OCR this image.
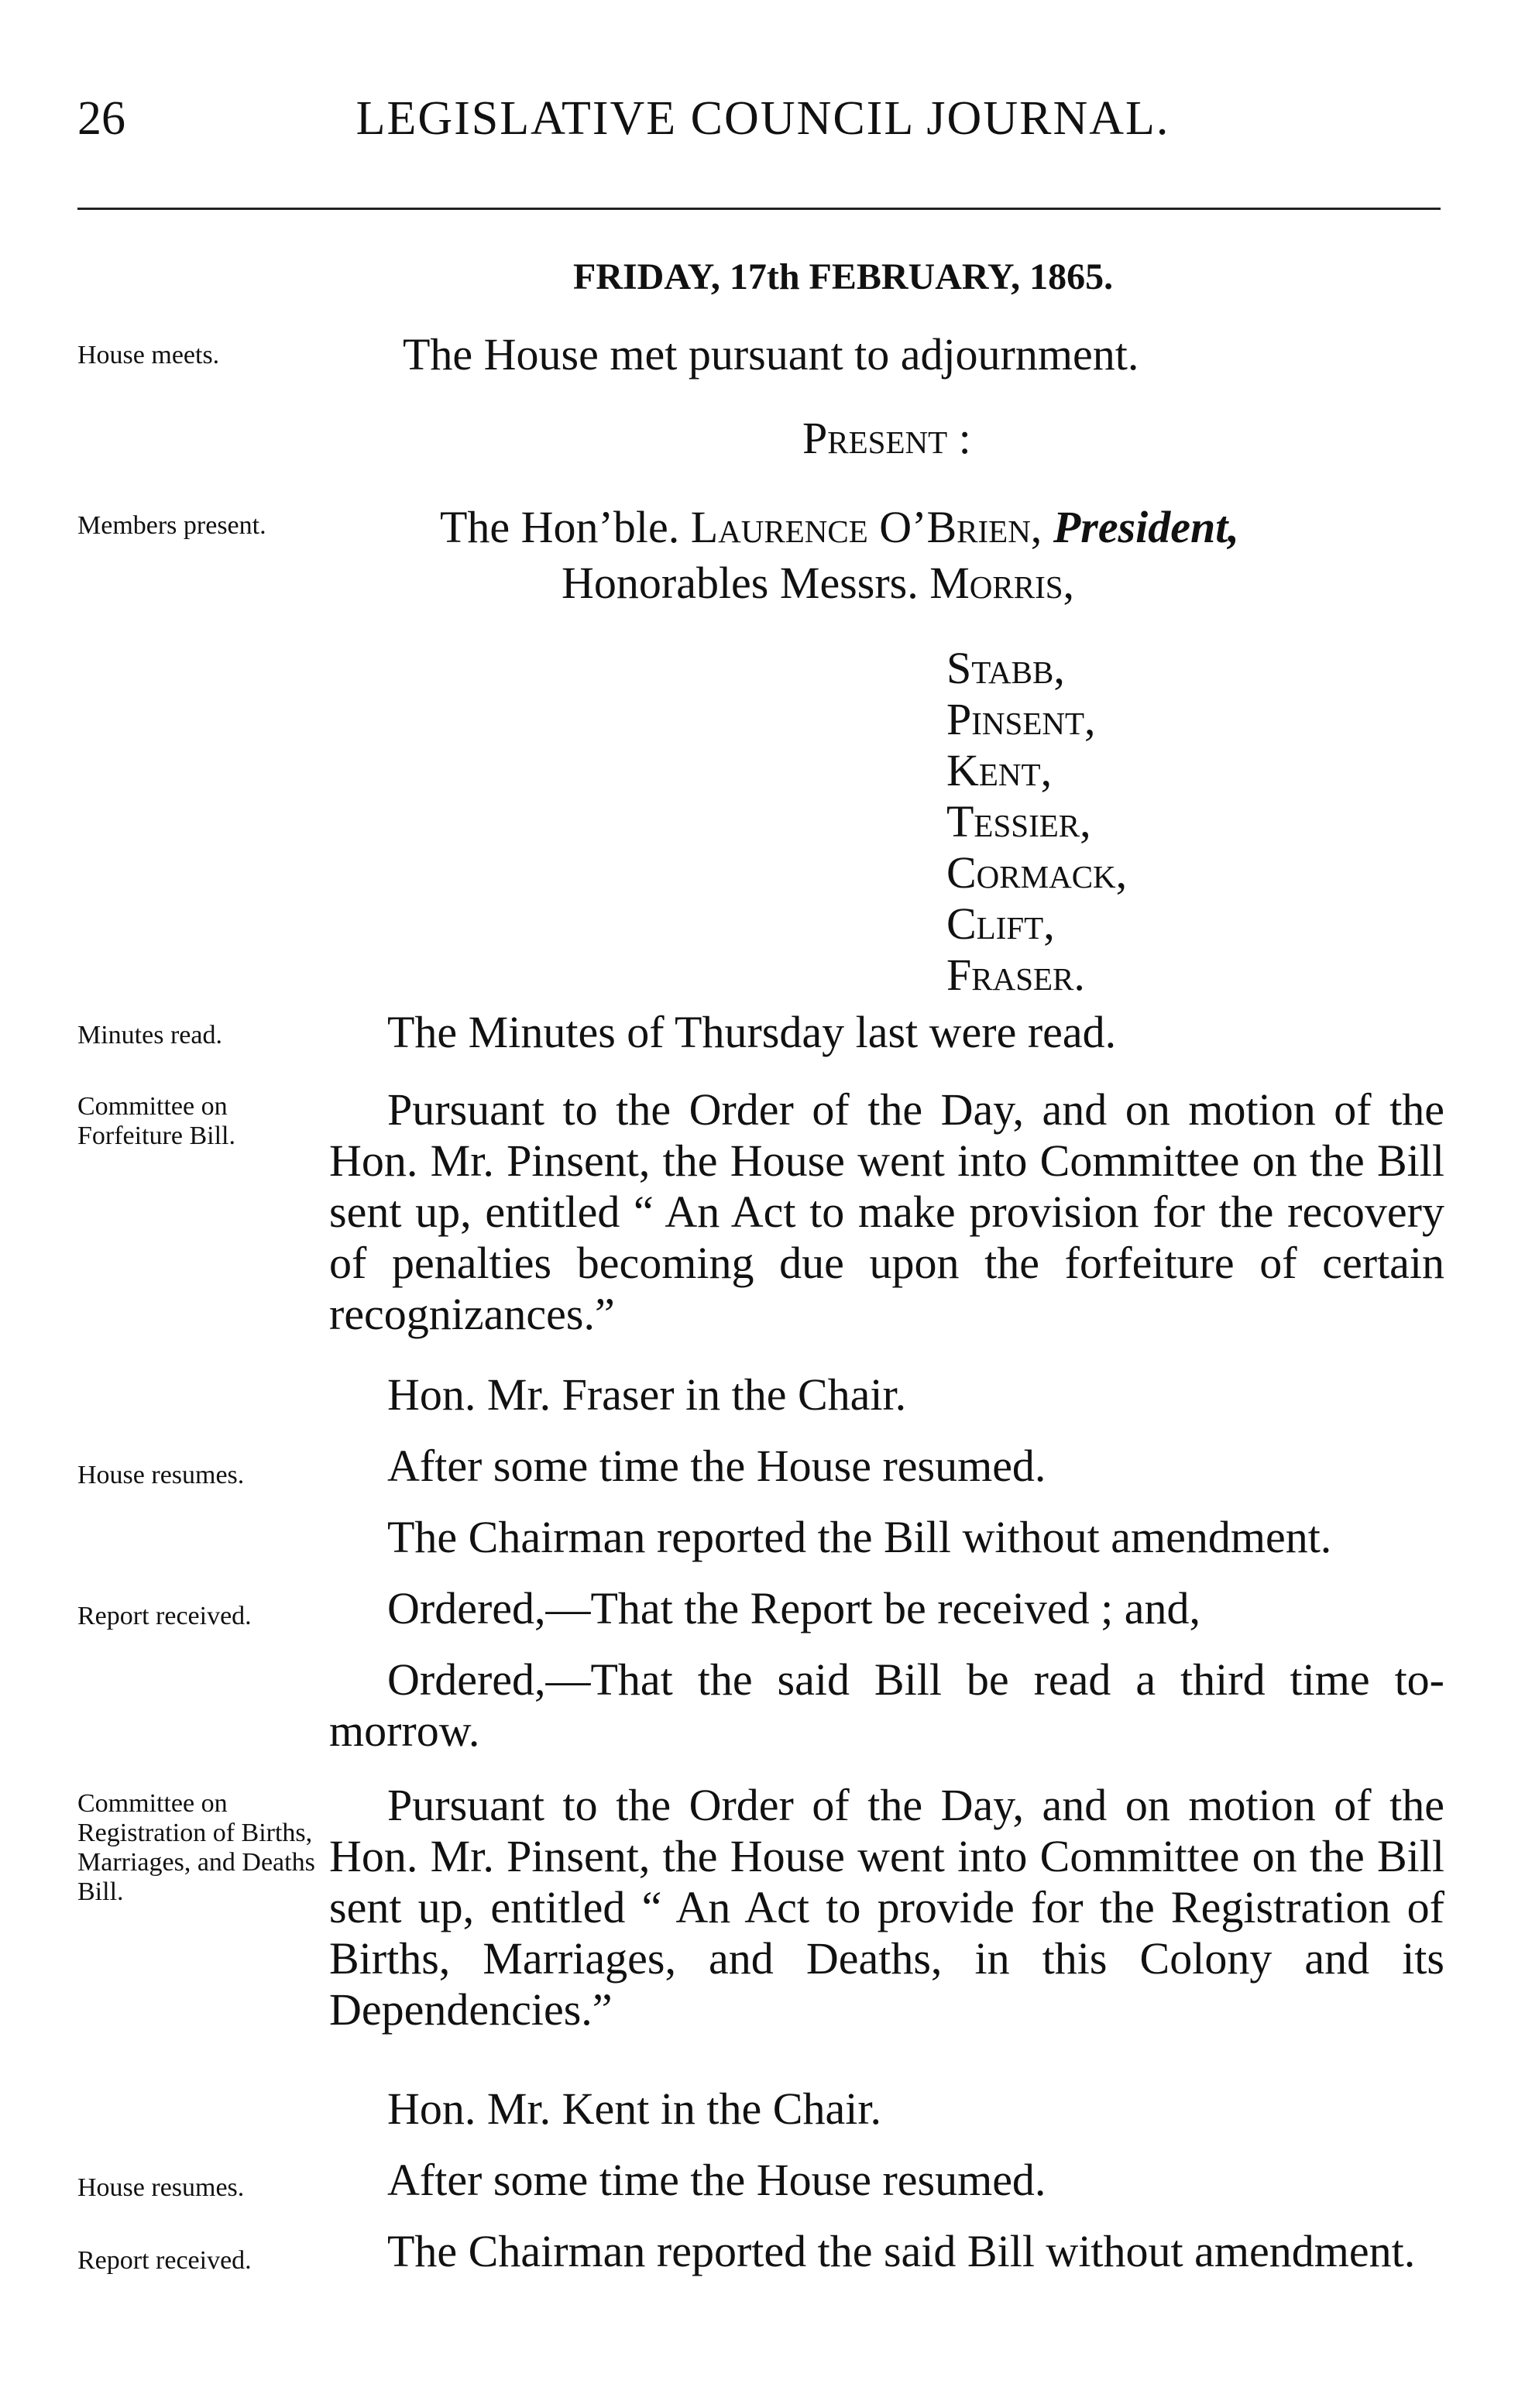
26	LEGISLATIVE COUNCIL JOURNAL.
FRIDAY, 17th FEBRUARY, 1865.
House meets.
Members present.
Minutes read.
Committee on Forfeiture Bill.
House resumes.
Report received.
Committee on Registration of Births, Marriages, and Deaths Bill.
House resumes.
Report received.
The House met pursuant to adjournment.
Present :
The Hon’ble. Laurence O’Brien, President,
Honorables Messrs. Morris,
Stabb,
Pinsent,
Kent,
Tessier,
Cormack,
Clift,
Fraser.
The Minutes of Thursday last were read.
Pursuant to the Order of the Day, and on motion of the Hon. Mr. Pinsent, the House went into Committee on the Bill sent up, entitled “ An Act to make provision for the recovery of penalties becoming due upon the forfeiture of certain recognizances.”
Hon. Mr. Fraser in the Chair.
After some time the House resumed.
The Chairman reported the Bill without amendment.
Ordered,—That the Report be received ; and,
Ordered,—That the said Bill be read a third time to-morrow.
Pursuant to the Order of the Day, and on motion of the Hon. Mr. Pinsent, the House went into Committee on the Bill sent up, entitled “ An Act to provide for the Registration of Births, Marriages, and Deaths, in this Colony and its Dependencies.”
Hon. Mr. Kent in the Chair.
After some time the House resumed.
The Chairman reported the said Bill without amendment.
